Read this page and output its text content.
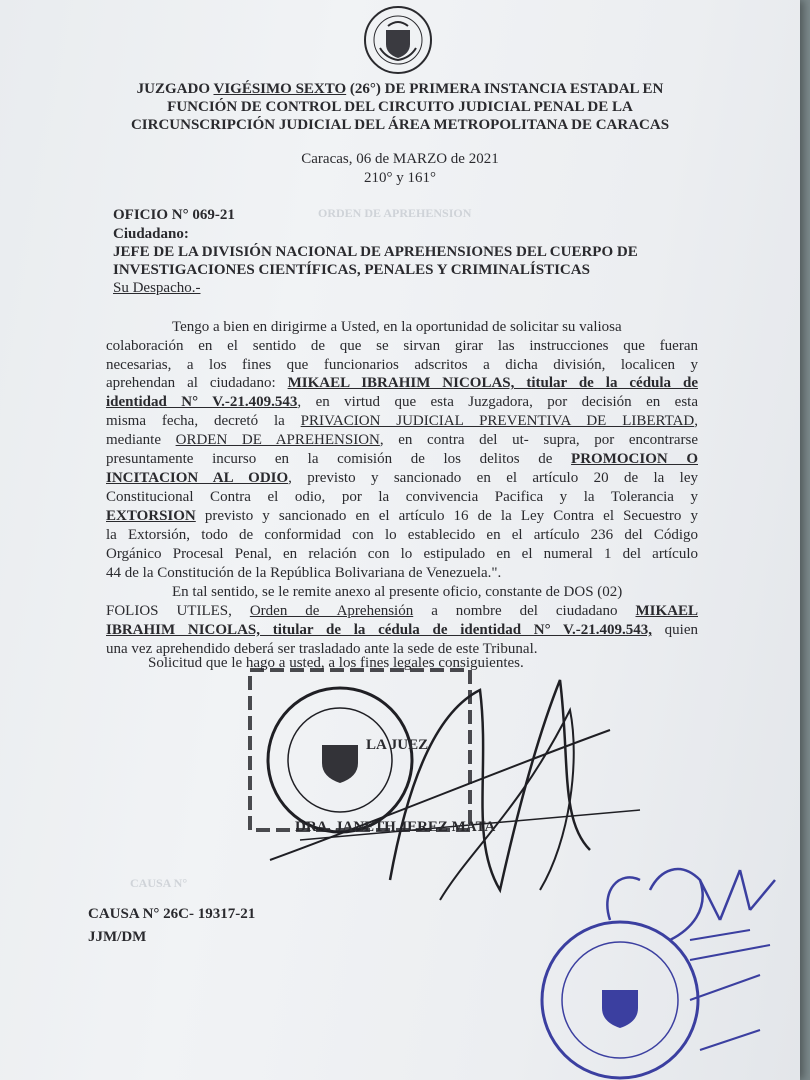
ORDEN DE APREHENSION
CAUSA N°
JUZGADO VIGÉSIMO SEXTO (26°) DE PRIMERA INSTANCIA ESTADAL EN
FUNCIÓN DE CONTROL DEL CIRCUITO JUDICIAL PENAL DE LA
CIRCUNSCRIPCIÓN JUDICIAL DEL ÁREA METROPOLITANA DE CARACAS
Caracas, 06 de MARZO de 2021
210° y 161°
OFICIO N° 069-21
Ciudadano:
JEFE DE LA DIVISIÓN NACIONAL DE APREHENSIONES DEL CUERPO DE
INVESTIGACIONES CIENTÍFICAS, PENALES Y CRIMINALÍSTICAS
Su Despacho.-
Tengo a bien en dirigirme a Usted, en la oportunidad de solicitar su valiosa
colaboración en el sentido de que se sirvan girar las instrucciones que fueran
necesarias, a los fines que funcionarios adscritos a dicha división, localicen y
aprehendan al ciudadano: MIKAEL IBRAHIM NICOLAS, titular de la cédula de
identidad N° V.-21.409.543, en virtud que esta Juzgadora, por decisión en esta
misma fecha, decretó la PRIVACION JUDICIAL PREVENTIVA DE LIBERTAD,
mediante ORDEN DE APREHENSION, en contra del ut- supra, por encontrarse
presuntamente incurso en la comisión de los delitos de PROMOCION O
INCITACION AL ODIO, previsto y sancionado en el artículo 20 de la ley
Constitucional Contra el odio, por la convivencia Pacifica y la Tolerancia y
EXTORSION previsto y sancionado en el artículo 16 de la Ley Contra el Secuestro y
la Extorsión, todo de conformidad con lo establecido en el artículo 236 del Código
Orgánico Procesal Penal, en relación con lo estipulado en el numeral 1 del artículo
44 de la Constitución de la República Bolivariana de Venezuela.".
En tal sentido, se le remite anexo al presente oficio, constante de DOS (02)
FOLIOS UTILES, Orden de Aprehensión a nombre del ciudadano MIKAEL
IBRAHIM NICOLAS, titular de la cédula de identidad N° V.-21.409.543, quien
una vez aprehendido deberá ser trasladado ante la sede de este Tribunal.
Solicitud que le hago a usted, a los fines legales consiguientes.
LA JUEZ
DRA. JANETH JEREZ MATA
CAUSA N° 26C- 19317-21
JJM/DM
